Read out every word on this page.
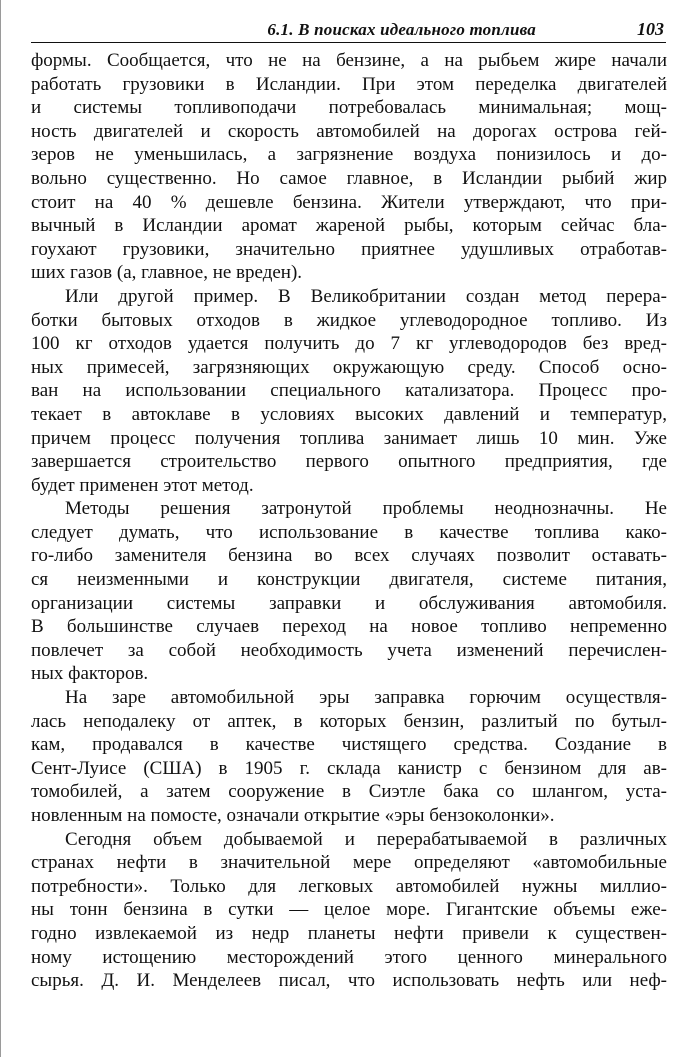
6.1. В поисках идеального топлива	103
формы. Сообщается, что не на бензине, а на рыбьем жире начали
работать грузовики в Исландии. При этом переделка двигателей
и системы топливоподачи потребовалась минимальная; мощ-
ность двигателей и скорость автомобилей на дорогах острова гей-
зеров не уменьшилась, а загрязнение воздуха понизилось и до-
вольно существенно. Но самое главное, в Исландии рыбий жир
стоит на 40 % дешевле бензина. Жители утверждают, что при-
вычный в Исландии аромат жареной рыбы, которым сейчас бла-
гоухают грузовики, значительно приятнее удушливых отработав-
ших газов (а, главное, не вреден).
Или другой пример. В Великобритании создан метод перера-
ботки бытовых отходов в жидкое углеводородное топливо. Из
100 кг отходов удается получить до 7 кг углеводородов без вред-
ных примесей, загрязняющих окружающую среду. Способ осно-
ван на использовании специального катализатора. Процесс про-
текает в автоклаве в условиях высоких давлений и температур,
причем процесс получения топлива занимает лишь 10 мин. Уже
завершается строительство первого опытного предприятия, где
будет применен этот метод.
Методы решения затронутой проблемы неоднозначны. Не
следует думать, что использование в качестве топлива како-
го-либо заменителя бензина во всех случаях позволит оставать-
ся неизменными и конструкции двигателя, системе питания,
организации системы заправки и обслуживания автомобиля.
В большинстве случаев переход на новое топливо непременно
повлечет за собой необходимость учета изменений перечислен-
ных факторов.
На заре автомобильной эры заправка горючим осуществля-
лась неподалеку от аптек, в которых бензин, разлитый по бутыл-
кам, продавался в качестве чистящего средства. Создание в
Сент-Луисе (США) в 1905 г. склада канистр с бензином для ав-
томобилей, а затем сооружение в Сиэтле бака со шлангом, уста-
новленным на помосте, означали открытие «эры бензоколонки».
Сегодня объем добываемой и перерабатываемой в различных
странах нефти в значительной мере определяют «автомобильные
потребности». Только для легковых автомобилей нужны миллио-
ны тонн бензина в сутки — целое море. Гигантские объемы еже-
годно извлекаемой из недр планеты нефти привели к существен-
ному истощению месторождений этого ценного минерального
сырья. Д. И. Менделеев писал, что использовать нефть или неф-
